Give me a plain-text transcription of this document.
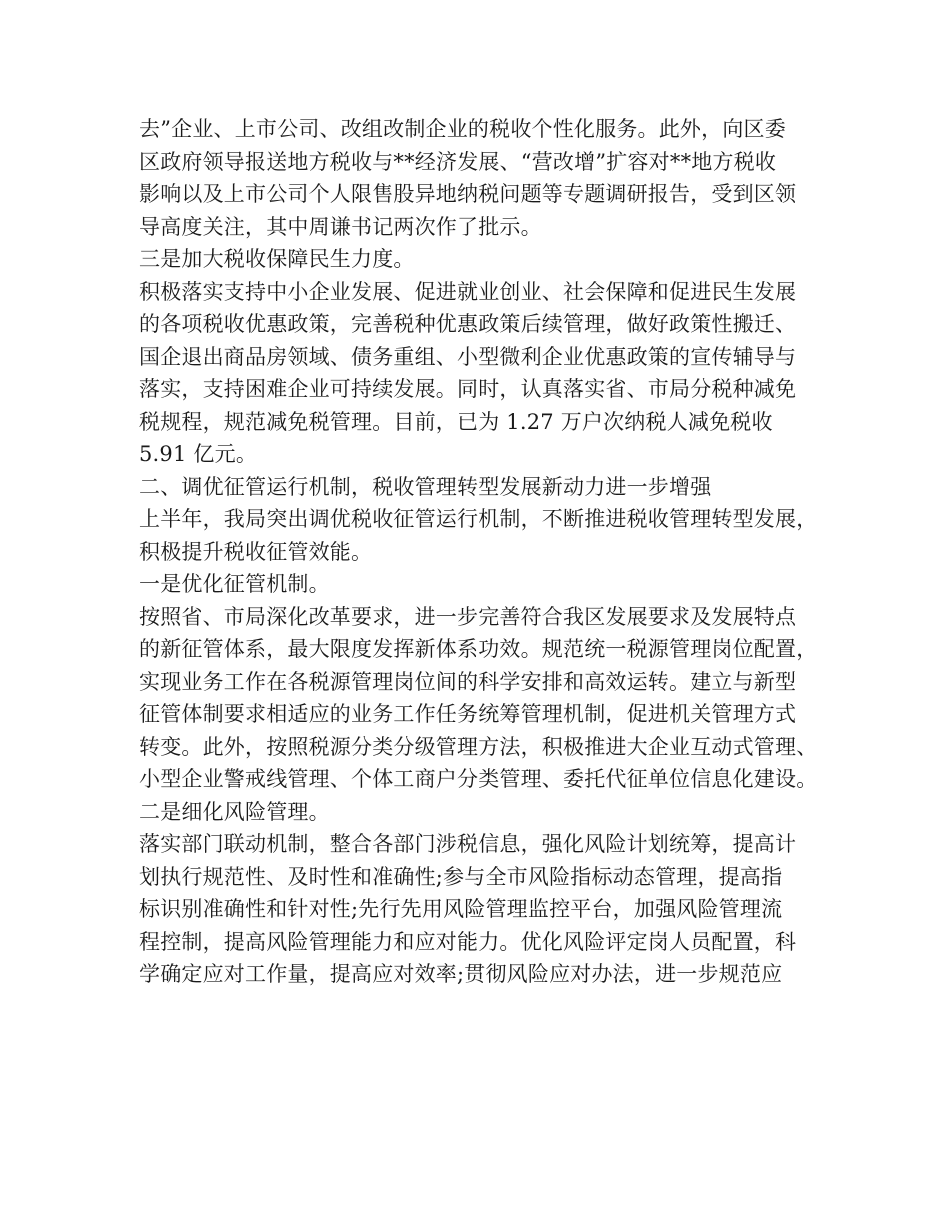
去”企业、上市公司、改组改制企业的税收个性化服务。此外，向区委
区政府领导报送地方税收与**经济发展、“营改增”扩容对**地方税收
影响以及上市公司个人限售股异地纳税问题等专题调研报告，受到区领
导高度关注，其中周谦书记两次作了批示。
三是加大税收保障民生力度。
积极落实支持中小企业发展、促进就业创业、社会保障和促进民生发展
的各项税收优惠政策，完善税种优惠政策后续管理，做好政策性搬迁、
国企退出商品房领域、债务重组、小型微利企业优惠政策的宣传辅导与
落实，支持困难企业可持续发展。同时，认真落实省、市局分税种减免
税规程，规范减免税管理。目前，已为 1.27 万户次纳税人减免税收
5.91 亿元。
二、调优征管运行机制，税收管理转型发展新动力进一步增强
上半年，我局突出调优税收征管运行机制，不断推进税收管理转型发展，
积极提升税收征管效能。
一是优化征管机制。
按照省、市局深化改革要求，进一步完善符合我区发展要求及发展特点
的新征管体系，最大限度发挥新体系功效。规范统一税源管理岗位配置，
实现业务工作在各税源管理岗位间的科学安排和高效运转。建立与新型
征管体制要求相适应的业务工作任务统筹管理机制，促进机关管理方式
转变。此外，按照税源分类分级管理方法，积极推进大企业互动式管理、
小型企业警戒线管理、个体工商户分类管理、委托代征单位信息化建设。
二是细化风险管理。
落实部门联动机制，整合各部门涉税信息，强化风险计划统筹，提高计
划执行规范性、及时性和准确性;参与全市风险指标动态管理，提高指
标识别准确性和针对性;先行先用风险管理监控平台，加强风险管理流
程控制，提高风险管理能力和应对能力。优化风险评定岗人员配置，科
学确定应对工作量，提高应对效率;贯彻风险应对办法，进一步规范应
